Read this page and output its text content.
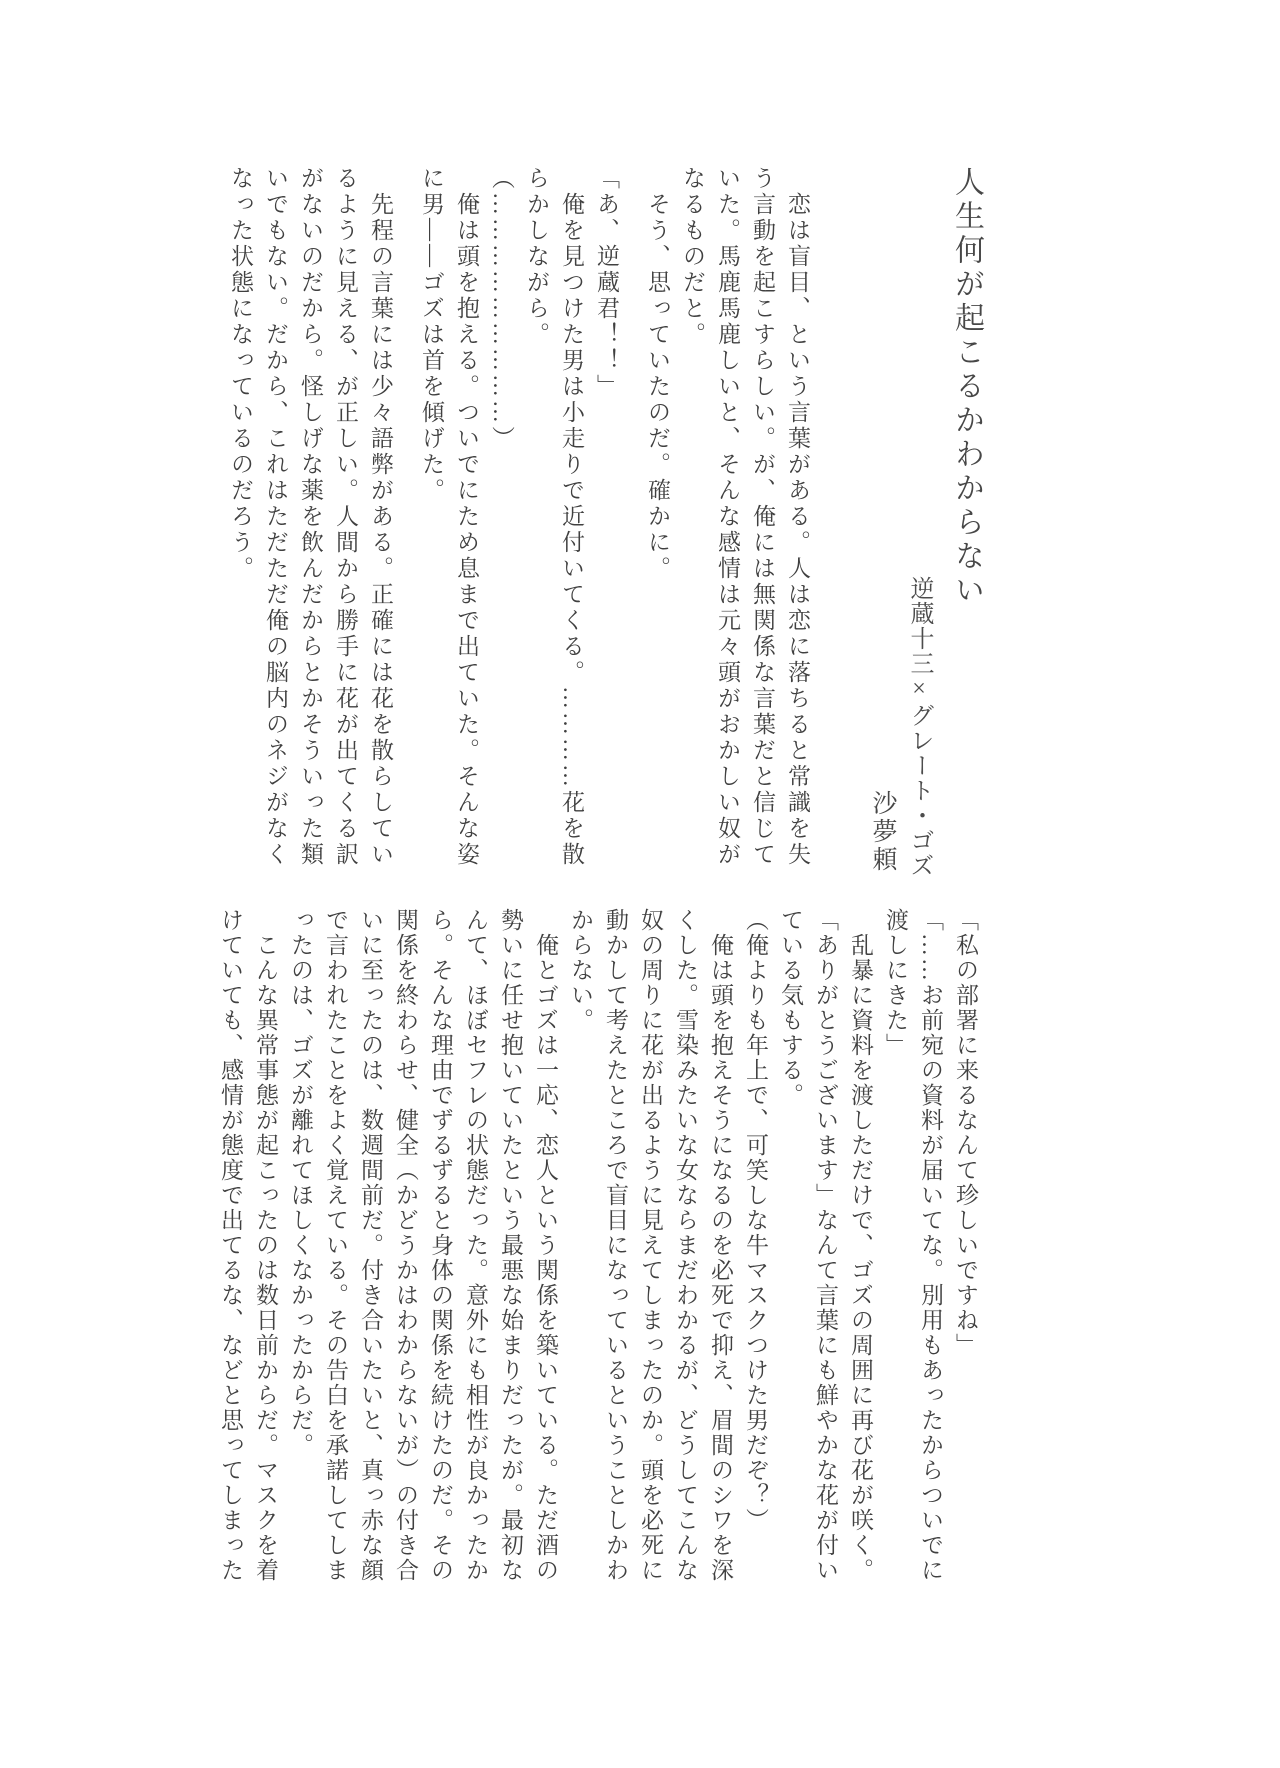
人生何が起こるかわからない
逆蔵十三×グレート・ゴズ
沙夢頼
　恋は盲目、という言葉がある。人は恋に落ちると常識を失
う言動を起こすらしい。が、俺には無関係な言葉だと信じて
いた。馬鹿馬鹿しいと、そんな感情は元々頭がおかしい奴が
なるものだと。
　そう、思っていたのだ。確かに。
「あ、逆蔵君！！」
　俺を見つけた男は小走りで近付いてくる。…………花を散
らかしながら。
（………………………）
　俺は頭を抱える。ついでにため息まで出ていた。そんな姿
に男――ゴズは首を傾げた。
　先程の言葉には少々語弊がある。正確には花を散らしてい
るように見える、が正しい。人間から勝手に花が出てくる訳
がないのだから。怪しげな薬を飲んだからとかそういった類
いでもない。だから、これはただただ俺の脳内のネジがなく
なった状態になっているのだろう。
「私の部署に来るなんて珍しいですね」
「……お前宛の資料が届いてな。別用もあったからついでに
渡しにきた」
　乱暴に資料を渡しただけで、ゴズの周囲に再び花が咲く。
「ありがとうございます」なんて言葉にも鮮やかな花が付い
ている気もする。
（俺よりも年上で、可笑しな牛マスクつけた男だぞ？）
　俺は頭を抱えそうになるのを必死で抑え、眉間のシワを深
くした。雪染みたいな女ならまだわかるが、どうしてこんな
奴の周りに花が出るように見えてしまったのか。頭を必死に
動かして考えたところで盲目になっているということしかわ
からない。
　俺とゴズは一応、恋人という関係を築いている。ただ酒の
勢いに任せ抱いていたという最悪な始まりだったが。最初な
んて、ほぼセフレの状態だった。意外にも相性が良かったか
ら。そんな理由でずるずると身体の関係を続けたのだ。その
関係を終わらせ、健全（かどうかはわからないが）の付き合
いに至ったのは、数週間前だ。付き合いたいと、真っ赤な顔
で言われたことをよく覚えている。その告白を承諾してしま
ったのは、ゴズが離れてほしくなかったからだ。
　こんな異常事態が起こったのは数日前からだ。マスクを着
けていても、感情が態度で出てるな、などと思ってしまった
